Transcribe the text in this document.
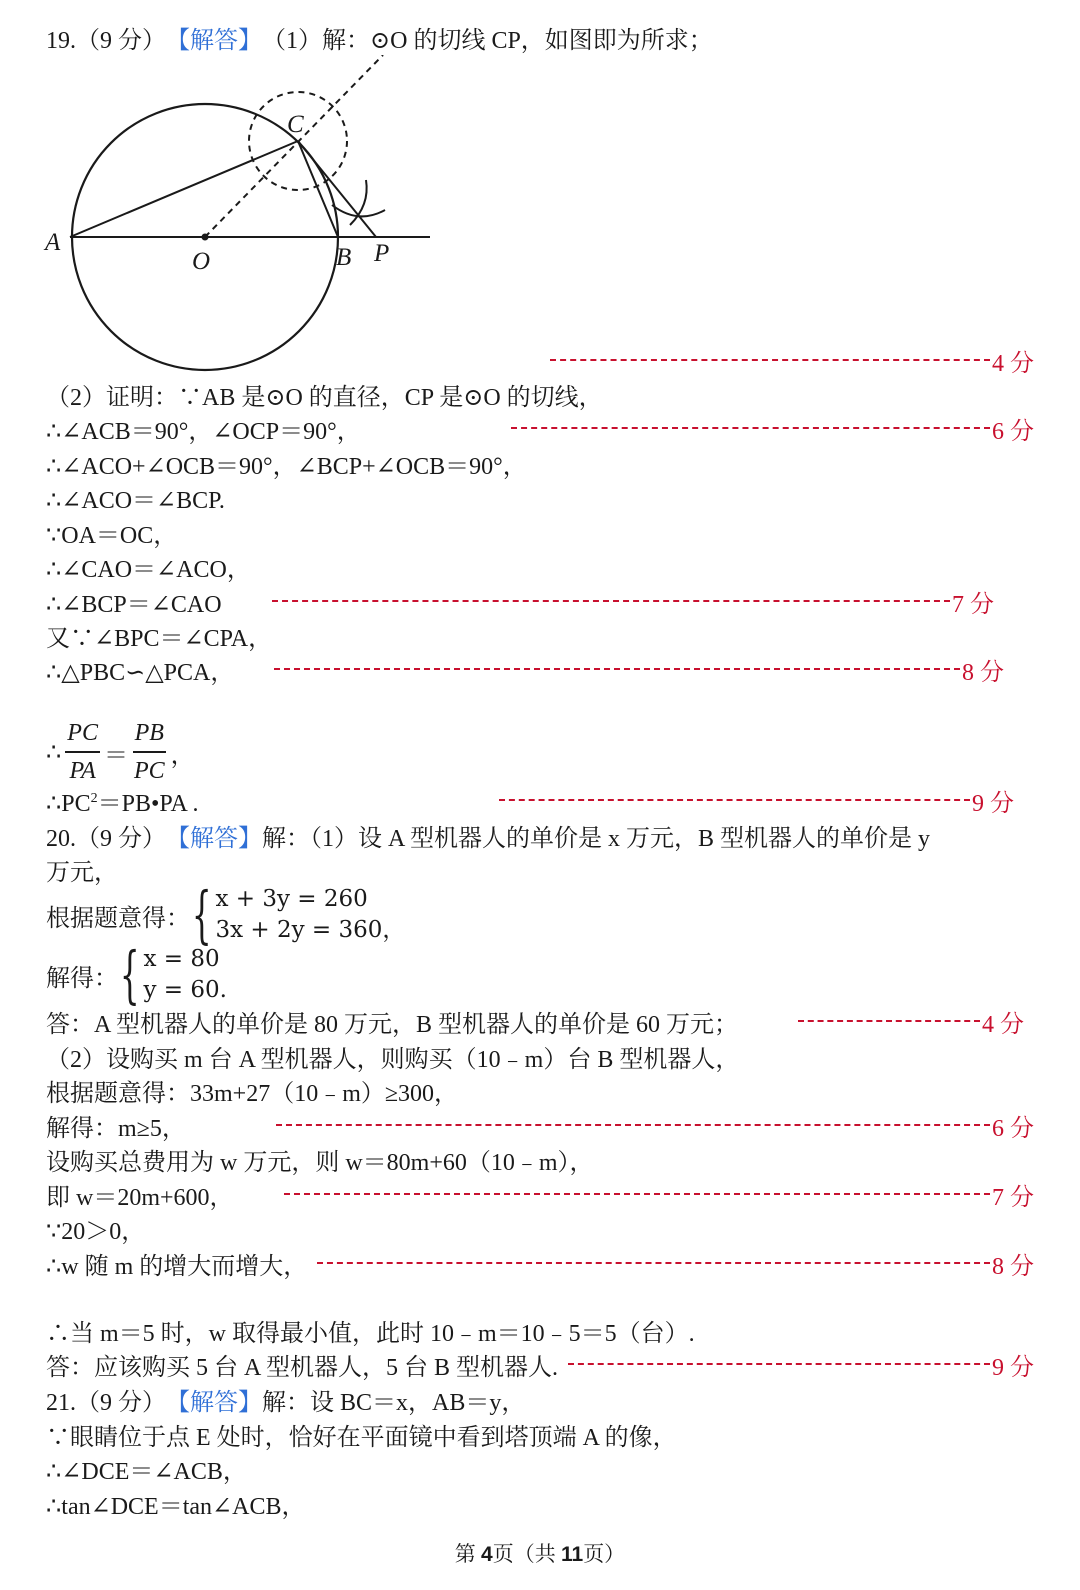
19.（9 分） 【解答】 （1）解：⊙O 的切线 CP，如图即为所求；
A
O	B
C
P
4 分
（2）证明：∵AB 是⊙O 的直径，CP 是⊙O 的切线，
∴∠ACB＝90°，∠OCP＝90°，	6 分
∴∠ACO+∠OCB＝90°，∠BCP+∠OCB＝90°，
∴∠ACO＝∠BCP.
∵OA＝OC，
∴∠CAO＝∠ACO，
∴∠BCP＝∠CAO	7 分
又∵∠BPC＝∠CPA，
∴△PBC∽△PCA，	8 分
∴ $\frac{PC}{PA} = \frac{PB}{PC}$ ，
$\therefore PC^2=PB•PA$ .	9 分
20.（9 分） 【解答】 解：（1）设 A 型机器人的单价是 x 万元，B 型机器人的单价是 y
万元，
根据题意得： { x + 3y = 260
3x + 2y = 360，
解得： { x = 80
y = 60.
答：A 型机器人的单价是 80 万元，B 型机器人的单价是 60 万元；	4 分
（2）设购买 m 台 A 型机器人，则购买（10﹣m）台 B 型机器人，
根据题意得：33m+27（10﹣m）≥300，
解得：m≥5，	6 分
设购买总费用为 w 万元，则 w＝80m+60（10﹣m），
即 w＝20m+600，	7 分
∵20＞0，
∴w 随 m 的增大而增大，	8 分
∴当 m＝5 时，w 取得最小值，此时 10﹣m＝10﹣5＝5（台）.
答：应该购买 5 台 A 型机器人，5 台 B 型机器人.	9 分
21.（9 分） 【解答】 解：设 BC＝x，AB＝y，
∵眼睛位于点 E 处时，恰好在平面镜中看到塔顶端 A 的像，
∴∠DCE＝∠ACB，
∴tan∠DCE＝tan∠ACB，
第 4页（共 11页）
